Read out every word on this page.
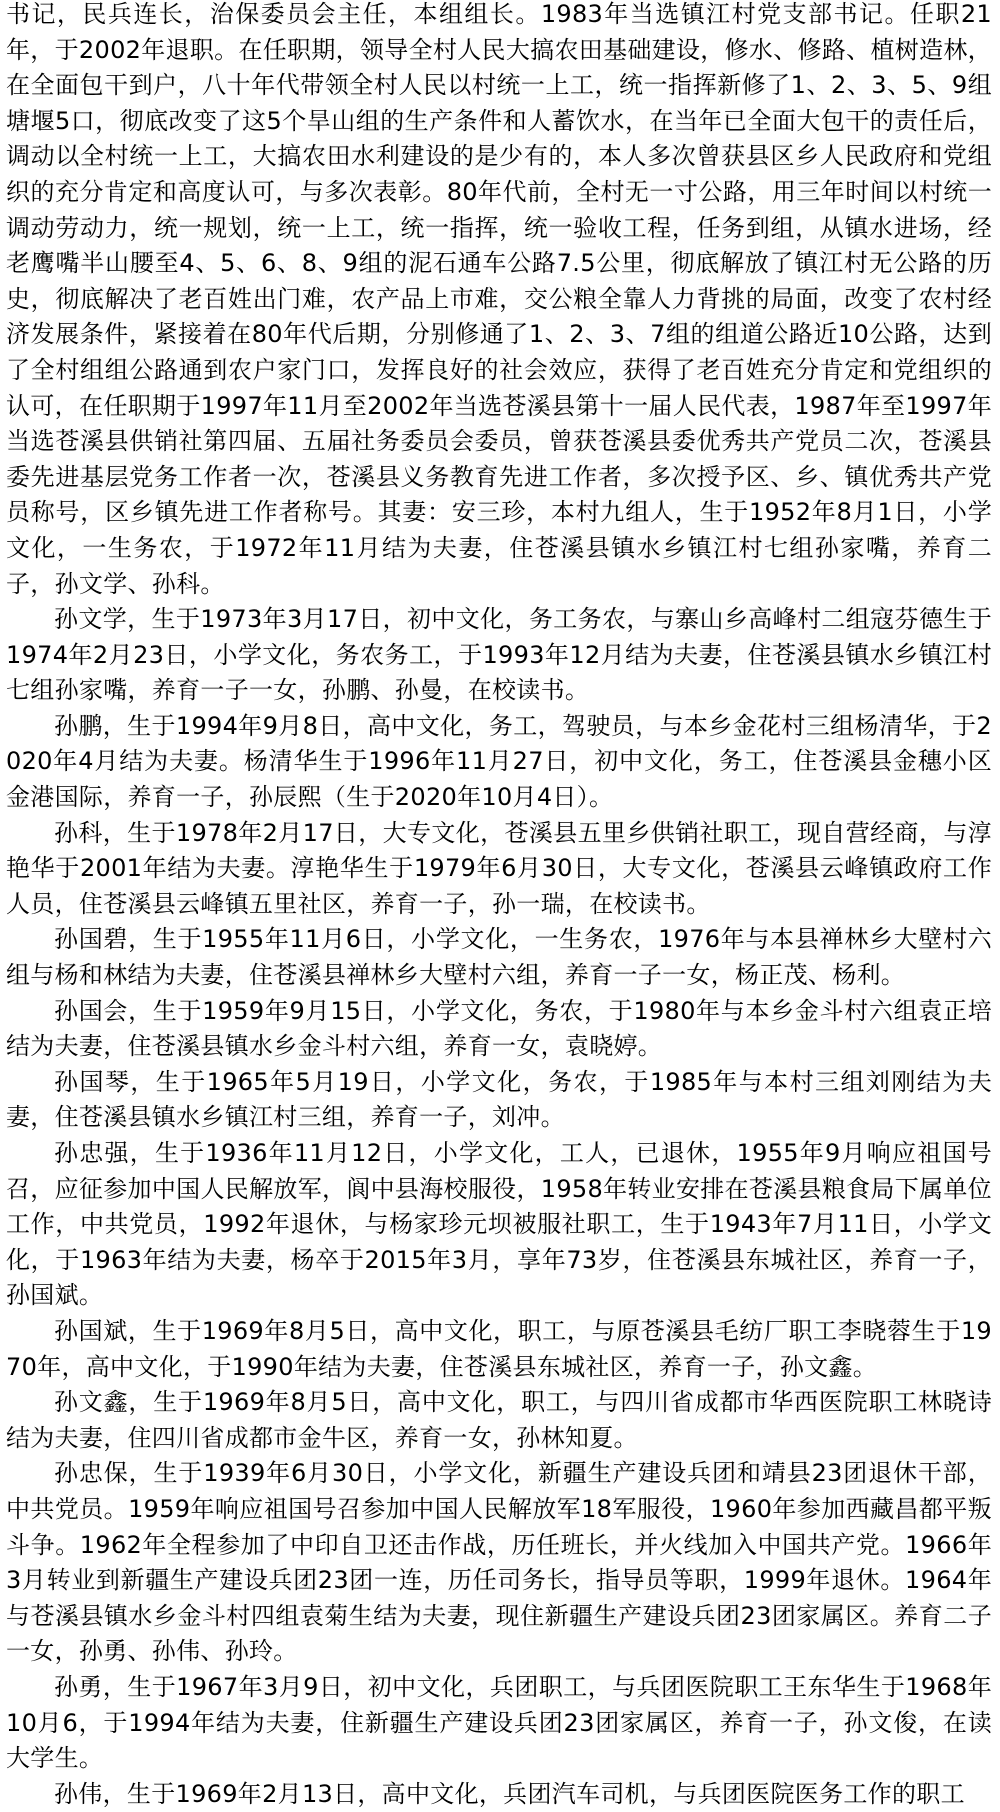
书记，民兵连长，治保委员会主任，本组组长。1983年当选镇江村党支部书记。任职21年，于2002年退职。在任职期，领导全村人民大搞农田基础建设，修水、修路、植树造林，在全面包干到户，八十年代带领全村人民以村统一上工，统一指挥新修了1、2、3、5、9组塘堰5口，彻底改变了这5个旱山组的生产条件和人蓄饮水，在当年已全面大包干的责任后，调动以全村统一上工，大搞农田水利建设的是少有的，本人多次曾获县区乡人民政府和党组织的充分肯定和高度认可，与多次表彰。80年代前，全村无一寸公路，用三年时间以村统一调动劳动力，统一规划，统一上工，统一指挥，统一验收工程，任务到组，从镇水进场，经老鹰嘴半山腰至4、5、6、8、9组的泥石通车公路7.5公里，彻底解放了镇江村无公路的历史，彻底解决了老百姓出门难，农产品上市难，交公粮全靠人力背挑的局面，改变了农村经济发展条件，紧接着在80年代后期，分别修通了1、2、3、7组的组道公路近10公路，达到了全村组组公路通到农户家门口，发挥良好的社会效应，获得了老百姓充分肯定和党组织的认可，在任职期于1997年11月至2002年当选苍溪县第十一届人民代表，1987年至1997年当选苍溪县供销社第四届、五届社务委员会委员，曾获苍溪县委优秀共产党员二次，苍溪县委先进基层党务工作者一次，苍溪县义务教育先进工作者，多次授予区、乡、镇优秀共产党员称号，区乡镇先进工作者称号。其妻：安三珍，本村九组人，生于1952年8月1日，小学文化，一生务农，于1972年11月结为夫妻，住苍溪县镇水乡镇江村七组孙家嘴，养育二子，孙文学、孙科。

孙文学，生于1973年3月17日，初中文化，务工务农，与寨山乡高峰村二组寇芬德生于1974年2月23日，小学文化，务农务工，于1993年12月结为夫妻，住苍溪县镇水乡镇江村七组孙家嘴，养育一子一女，孙鹏、孙曼，在校读书。

孙鹏，生于1994年9月8日，高中文化，务工，驾驶员，与本乡金花村三组杨清华，于2020年4月结为夫妻。杨清华生于1996年11月27日，初中文化，务工，住苍溪县金穗小区金港国际，养育一子，孙辰熙（生于2020年10月4日）。

孙科，生于1978年2月17日，大专文化，苍溪县五里乡供销社职工，现自营经商，与淳艳华于2001年结为夫妻。淳艳华生于1979年6月30日，大专文化，苍溪县云峰镇政府工作人员，住苍溪县云峰镇五里社区，养育一子，孙一瑞，在校读书。

孙国碧，生于1955年11月6日，小学文化，一生务农，1976年与本县禅林乡大壁村六组与杨和林结为夫妻，住苍溪县禅林乡大壁村六组，养育一子一女，杨正茂、杨利。

孙国会，生于1959年9月15日，小学文化，务农，于1980年与本乡金斗村六组袁正培结为夫妻，住苍溪县镇水乡金斗村六组，养育一女，袁晓婷。

孙国琴，生于1965年5月19日，小学文化，务农，于1985年与本村三组刘刚结为夫妻，住苍溪县镇水乡镇江村三组，养育一子，刘冲。

孙忠强，生于1936年11月12日，小学文化，工人，已退休，1955年9月响应祖国号召，应征参加中国人民解放军，阆中县海校服役，1958年转业安排在苍溪县粮食局下属单位工作，中共党员，1992年退休，与杨家珍元坝被服社职工，生于1943年7月11日，小学文化，于1963年结为夫妻，杨卒于2015年3月，享年73岁，住苍溪县东城社区，养育一子，孙国斌。

孙国斌，生于1969年8月5日，高中文化，职工，与原苍溪县毛纺厂职工李晓蓉生于1970年，高中文化，于1990年结为夫妻，住苍溪县东城社区，养育一子，孙文鑫。

孙文鑫，生于1969年8月5日，高中文化，职工，与四川省成都市华西医院职工林晓诗结为夫妻，住四川省成都市金牛区，养育一女，孙林知夏。

孙忠保，生于1939年6月30日，小学文化，新疆生产建设兵团和靖县23团退休干部，中共党员。1959年响应祖国号召参加中国人民解放军18军服役，1960年参加西藏昌都平叛斗争。1962年全程参加了中印自卫还击作战，历任班长，并火线加入中国共产党。1966年3月转业到新疆生产建设兵团23团一连，历任司务长，指导员等职，1999年退休。1964年与苍溪县镇水乡金斗村四组袁菊生结为夫妻，现住新疆生产建设兵团23团家属区。养育二子一女，孙勇、孙伟、孙玲。

孙勇，生于1967年3月9日，初中文化，兵团职工，与兵团医院职工王东华生于1968年10月6，于1994年结为夫妻，住新疆生产建设兵团23团家属区，养育一子，孙文俊，在读大学生。

孙伟，生于1969年2月13日，高中文化，兵团汽车司机，与兵团医院医务工作的职工
